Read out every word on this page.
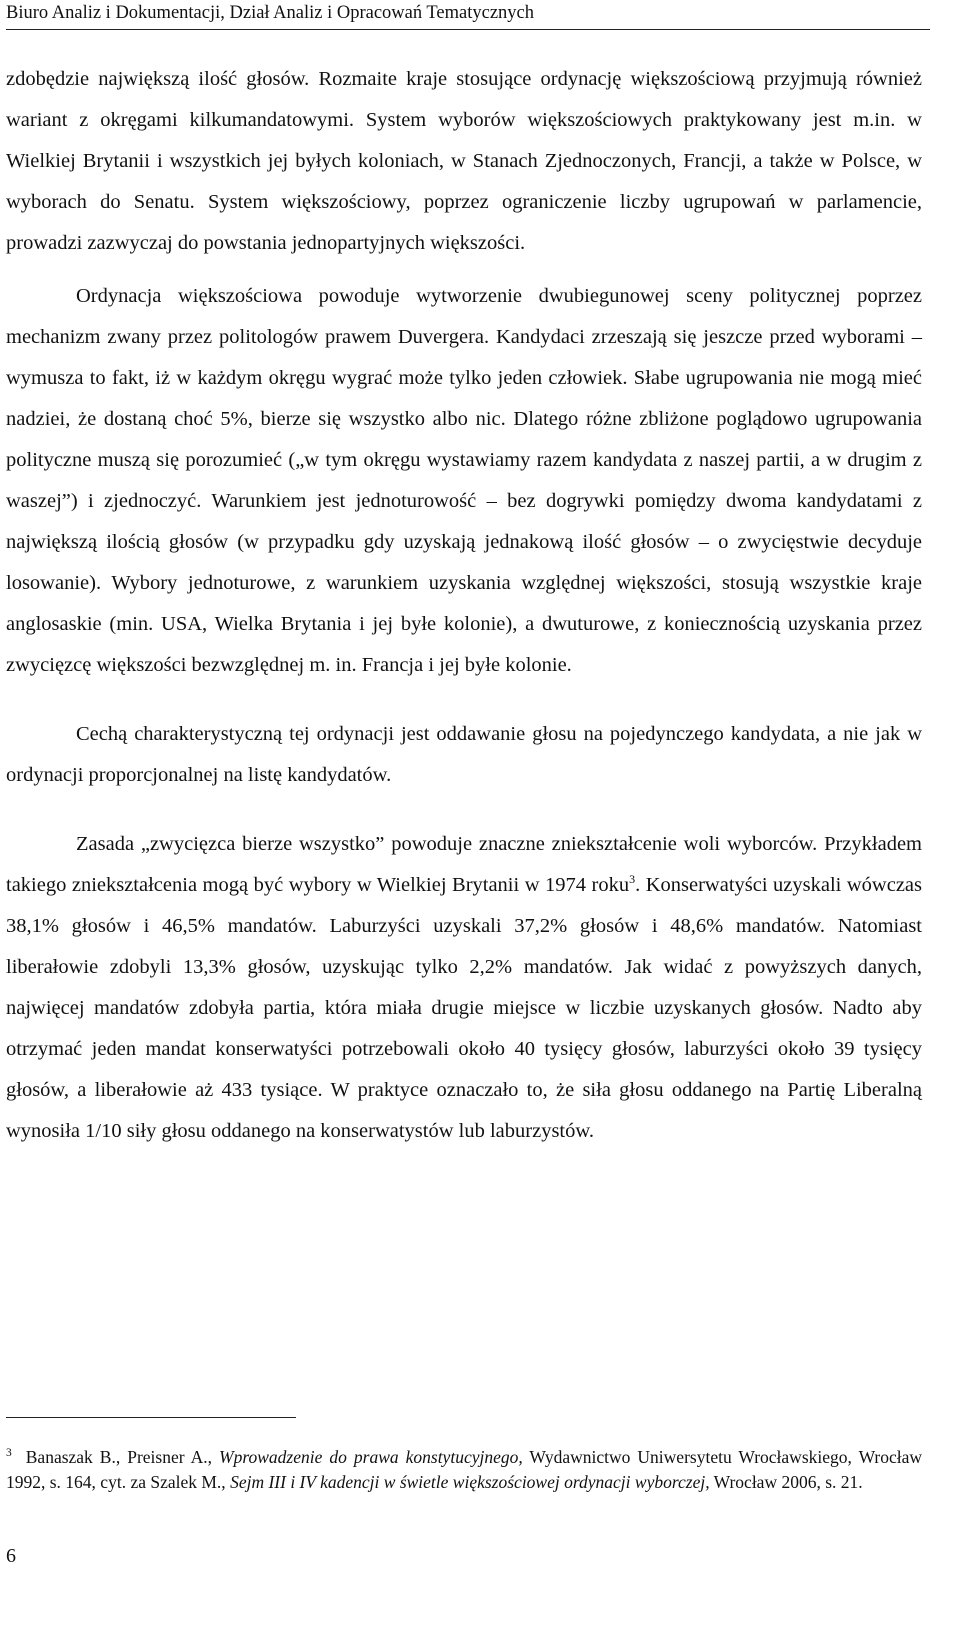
Biuro Analiz i Dokumentacji, Dział Analiz i Opracowań Tematycznych

zdobędzie największą ilość głosów. Rozmaite kraje stosujące ordynację większościową przyjmują również wariant z okręgami kilkumandatowymi. System wyborów większościowych praktykowany jest m.in. w Wielkiej Brytanii i wszystkich jej byłych koloniach, w Stanach Zjednoczonych, Francji, a także w Polsce, w wyborach do Senatu. System większościowy, poprzez ograniczenie liczby ugrupowań w parlamencie, prowadzi zazwyczaj do powstania jednopartyjnych większości.

Ordynacja większościowa powoduje wytworzenie dwubiegunowej sceny politycznej poprzez mechanizm zwany przez politologów prawem Duvergera. Kandydaci zrzeszają się jeszcze przed wyborami – wymusza to fakt, iż w każdym okręgu wygrać może tylko jeden człowiek. Słabe ugrupowania nie mogą mieć nadziei, że dostaną choć 5%, bierze się wszystko albo nic. Dlatego różne zbliżone poglądowo ugrupowania polityczne muszą się porozumieć („w tym okręgu wystawiamy razem kandydata z naszej partii, a w drugim z waszej”) i zjednoczyć. Warunkiem jest jednoturowość – bez dogrywki pomiędzy dwoma kandydatami z największą ilością głosów (w przypadku gdy uzyskają jednakową ilość głosów – o zwycięstwie decyduje losowanie). Wybory jednoturowe, z warunkiem uzyskania względnej większości, stosują wszystkie kraje anglosaskie (min. USA, Wielka Brytania i jej byłe kolonie), a dwuturowe, z koniecznością uzyskania przez zwycięzcę większości bezwzględnej m. in. Francja i jej byłe kolonie.

Cechą charakterystyczną tej ordynacji jest oddawanie głosu na pojedynczego kandydata, a nie jak w ordynacji proporcjonalnej na listę kandydatów.

Zasada „zwycięzca bierze wszystko” powoduje znaczne zniekształcenie woli wyborców. Przykładem takiego zniekształcenia mogą być wybory w Wielkiej Brytanii w 1974 roku$^3$. Konserwatyści uzyskali wówczas 38,1% głosów i 46,5% mandatów. Laburzyści uzyskali 37,2% głosów i 48,6% mandatów. Natomiast liberałowie zdobyli 13,3% głosów, uzyskując tylko 2,2% mandatów. Jak widać z powyższych danych, najwięcej mandatów zdobyła partia, która miała drugie miejsce w liczbie uzyskanych głosów. Nadto aby otrzymać jeden mandat konserwatyści potrzebowali około 40 tysięcy głosów, laburzyści około 39 tysięcy głosów, a liberałowie aż 433 tysiące. W praktyce oznaczało to, że siła głosu oddanego na Partię Liberalną wynosiła 1/10 siły głosu oddanego na konserwatystów lub laburzystów.

$^3$ Banaszak B., Preisner A., Wprowadzenie do prawa konstytucyjnego, Wydawnictwo Uniwersytetu Wrocławskiego, Wrocław 1992, s. 164, cyt. za Szalek M., Sejm III i IV kadencji w świetle większościowej ordynacji wyborczej, Wrocław 2006, s. 21.
6
